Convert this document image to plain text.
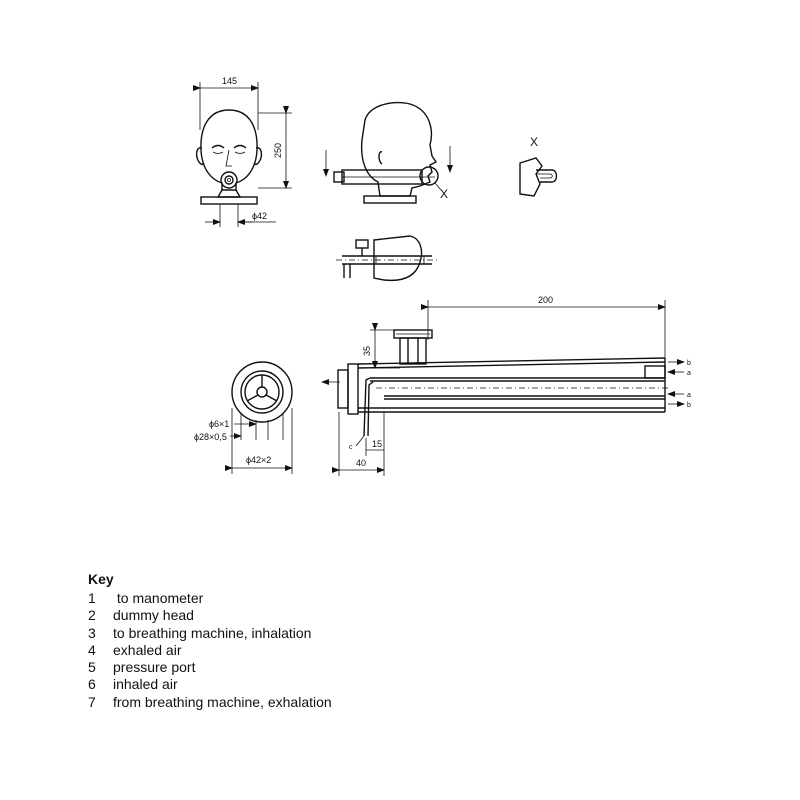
145
250
ϕ42
X
X
ϕ6×1
ϕ28×0,5
ϕ42×2
200
35
b
a
a
b
c 15
40
Key
1	to manometer
2	dummy head
3	to breathing machine, inhalation
4	exhaled air
5	pressure port
6	inhaled air
7	from breathing machine, exhalation
